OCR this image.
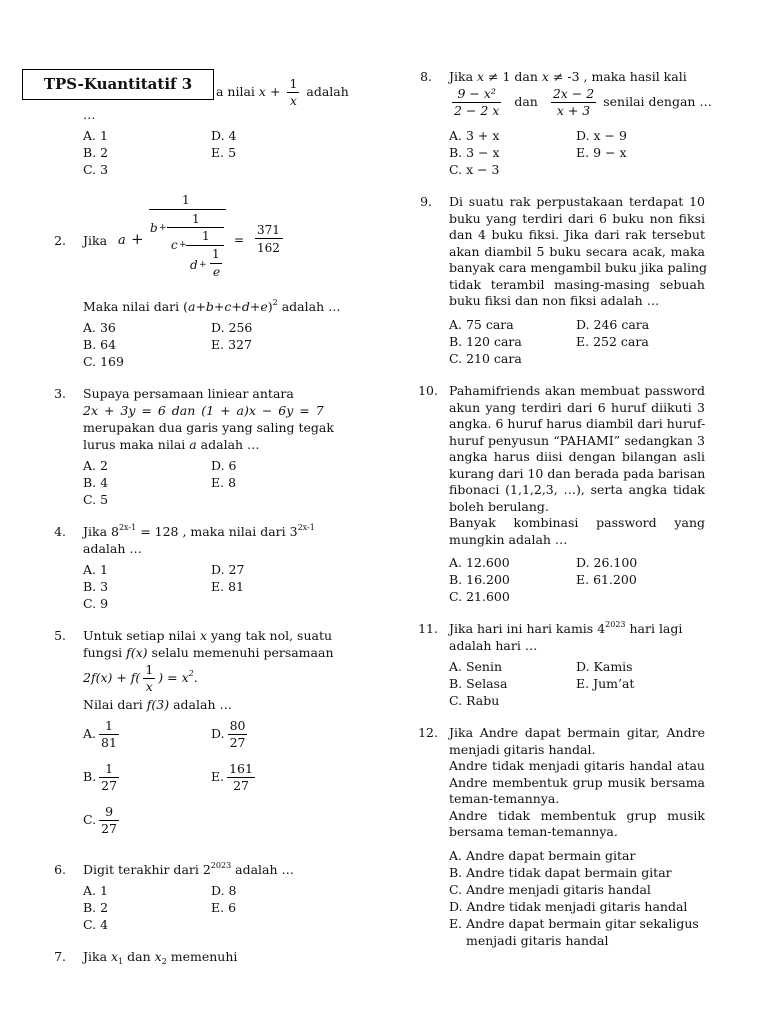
a nilai $x + \frac{1}{x}$ adalah
…
TPS-Kuantitatif 3
A. 1
B. 2
C. 3
D. 4
E. 5
2. Jika a +
1
b +
1
c +
1
d +
1
e
=
371
162
Maka nilai dari $(a+b+c+d+e)^2$ adalah …
A. 36
B. 64
C. 169
D. 256
E. 327
3. Supaya persamaan liniear antara
2x + 3y = 6 dan (1 + a)x − 6y = 7
merupakan dua garis yang saling tegak
lurus maka nilai a adalah …
A. 2
B. 4
C. 5
D. 6
E. 8
4. Jika $8^{2x-1} = 128$ , maka nilai dari $3^{2x-1}$
adalah …
A. 1
B. 3
C. 9
D. 27
E. 81
5. Untuk setiap nilai x yang tak nol, suatu
fungsi f(x) selalu memenuhi persamaan
$2f(x) + f( \frac{1}{x}$ ) = $x^2$.
Nilai dari f(3) adalah …
A. $\frac{1}{81}$
B. $\frac{1}{27}$
C. $\frac{9}{27}$
D. $\frac{80}{27}$
E. $\frac{161}{27}$
6. Digit terakhir dari $2^{2023}$ adalah …
A. 1
B. 2
C. 4
D. 8
E. 6
7. Jika $x_1$ dan $x_2$ memenuhi
8. Jika x ≠ 1 dan x ≠ -3 , maka hasil kali
$\frac{\text{9 − x²}}{2 - 2 x}$ dan $\frac{2x - 2}{x + 3}$ senilai dengan …
A. 3 + x
B. 3 − x
C. x − 3
D. x − 9
E. 9 − x
9. Di suatu rak perpustakaan terdapat 10
buku yang terdiri dari 6 buku non fiksi
dan 4 buku fiksi. Jika dari rak tersebut
akan diambil 5 buku secara acak, maka
banyak cara mengambil buku jika paling
tidak terambil masing-masing sebuah
buku fiksi dan non fiksi adalah …
A. 75 cara
B. 120 cara
C. 210 cara
D. 246 cara
E. 252 cara
10. Pahamifriends akan membuat password
akun yang terdiri dari 6 huruf diikuti 3
angka. 6 huruf harus diambil dari huruf-
huruf penyusun “PAHAMI” sedangkan 3
angka harus diisi dengan bilangan asli
kurang dari 10 dan berada pada barisan
fibonaci (1,1,2,3, …), serta angka tidak
boleh berulang.
Banyak kombinasi password yang
mungkin adalah …
A. 12.600
B. 16.200
C. 21.600
D. 26.100
E. 61.200
11. Jika hari ini hari kamis $4^{2023}$ hari lagi
adalah hari …
A. Senin
B. Selasa
C. Rabu
D. Kamis
E. Jum’at
12. Jika Andre dapat bermain gitar, Andre
menjadi gitaris handal.
Andre tidak menjadi gitaris handal atau
Andre membentuk grup musik bersama
teman-temannya.
Andre tidak membentuk grup musik
bersama teman-temannya.
A. Andre dapat bermain gitar
B. Andre tidak dapat bermain gitar
C. Andre menjadi gitaris handal
D. Andre tidak menjadi gitaris handal
E. Andre dapat bermain gitar sekaligus
menjadi gitaris handal
